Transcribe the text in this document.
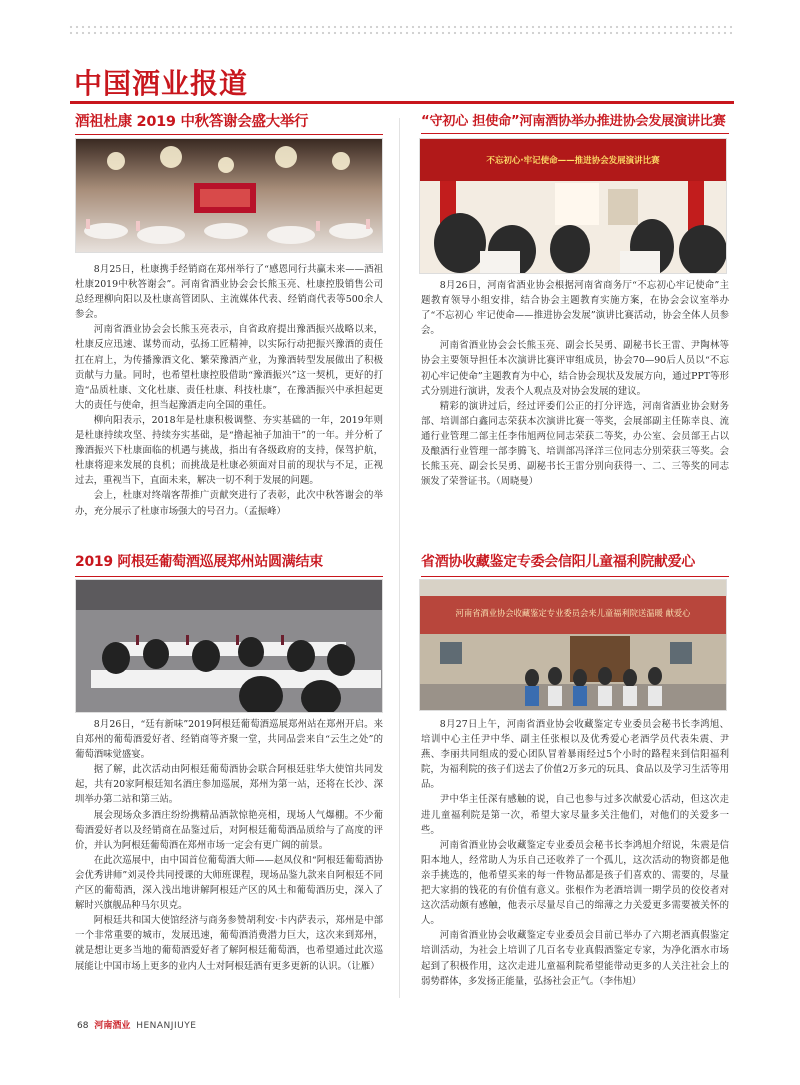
中国酒业报道
酒祖杜康 2019 中秋答谢会盛大举行

8月25日，杜康携手经销商在郑州举行了“感恩同行共赢未来——酒祖杜康2019中秋答谢会”。河南省酒业协会会长熊玉亮、杜康控股销售公司总经理柳向阳以及杜康高管团队、主流媒体代表、经销商代表等500余人参会。

河南省酒业协会会长熊玉亮表示，自省政府提出豫酒振兴战略以来，杜康反应迅速、谋势而动，弘扬工匠精神，以实际行动把振兴豫酒的责任扛在肩上，为传播豫酒文化、繁荣豫酒产业，为豫酒转型发展做出了积极贡献与力量。同时，也希望杜康控股借助“豫酒振兴”这一契机，更好的打造“品质杜康、文化杜康、责任杜康、科技杜康”，在豫酒振兴中承担起更大的责任与使命，担当起豫酒走向全国的重任。

柳向阳表示，2018年是杜康积极调整、夯实基础的一年，2019年则是杜康持续攻坚、持续夯实基础，是“撸起袖子加油干”的一年。并分析了豫酒振兴下杜康面临的机遇与挑战，指出有各级政府的支持，保驾护航，杜康将迎来发展的良机；而挑战是杜康必须面对目前的现状与不足，正视过去，重视当下，直面未来，解决一切不利于发展的问题。

会上，杜康对终端客帮推广贡献突进行了表彰，此次中秋答谢会的举办，充分展示了杜康市场强大的号召力。（孟振峰）

“守初心 担使命”河南酒协举办推进协会发展演讲比赛
不忘初心·牢记使命——推进协会发展演讲比赛

8月26日，河南省酒业协会根据河南省商务厅“不忘初心牢记使命”主题教育领导小组安排，结合协会主题教育实施方案，在协会会议室举办了“不忘初心 牢记使命——推进协会发展”演讲比赛活动，协会全体人员参会。

河南省酒业协会会长熊玉亮、副会长吴勇、副秘书长王雷、尹陶林等协会主要领导担任本次演讲比赛评审组成员，协会70—90后人员以“不忘初心牢记使命”主题教育为中心，结合协会现状及发展方向，通过PPT等形式分别进行演讲，发表个人观点及对协会发展的建议。

精彩的演讲过后，经过评委们公正的打分评选，河南省酒业协会财务部、培训部白鑫同志荣获本次演讲比赛一等奖，会展部副主任陈幸良、流通行业管理二部主任李伟旭两位同志荣获二等奖，办公室、会员部王占以及酿酒行业管理一部李腾飞、培训部冯泽洋三位同志分别荣获三等奖。会长熊玉亮、副会长吴勇、副秘书长王雷分别向获得一、二、三等奖的同志颁发了荣誉证书。（周晓曼）

2019 阿根廷葡萄酒巡展郑州站圆满结束

8月26日，“廷有新味”2019阿根廷葡萄酒巡展郑州站在郑州开启。来自郑州的葡萄酒爱好者、经销商等齐聚一堂，共同品尝来自“云生之处”的葡萄酒味觉盛宴。

据了解，此次活动由阿根廷葡萄酒协会联合阿根廷驻华大使馆共同发起，共有20家阿根廷知名酒庄参加巡展，郑州为第一站，还将在长沙、深圳举办第二站和第三站。

展会现场众多酒庄纷纷携精品酒款惊艳亮相，现场人气爆棚。不少葡萄酒爱好者以及经销商在品鉴过后，对阿根廷葡萄酒品质给与了高度的评价，并认为阿根廷葡萄酒在郑州市场一定会有更广阔的前景。

在此次巡展中，由中国首位葡萄酒大师——赵凤仪和“阿根廷葡萄酒协会优秀讲师”刘灵伶共同授课的大师班课程，现场品鉴九款来自阿根廷不同产区的葡萄酒，深入浅出地讲解阿根廷产区的风土和葡萄酒历史，深入了解时兴旗舰品种马尔贝克。

阿根廷共和国大使馆经济与商务参赞胡利安·卡内萨表示，郑州是中部一个非常重要的城市，发展迅速，葡萄酒消费潜力巨大，这次来到郑州，就是想让更多当地的葡萄酒爱好者了解阿根廷葡萄酒，也希望通过此次巡展能让中国市场上更多的业内人士对阿根廷酒有更多更新的认识。（让雁）

省酒协收藏鉴定专委会信阳儿童福利院献爱心
河南省酒业协会收藏鉴定专业委员会来儿童福利院送温暖 献爱心

8月27日上午，河南省酒业协会收藏鉴定专业委员会秘书长李鸿旭、培训中心主任尹中华、副主任张根以及优秀爱心老酒学员代表朱震、尹燕、李丽共同组成的爱心团队冒着暴雨经过5个小时的路程来到信阳福利院，为福利院的孩子们送去了价值2万多元的玩具、食品以及学习生活等用品。

尹中华主任深有感触的说，自己也参与过多次献爱心活动，但这次走进儿童福利院是第一次，希望大家尽量多关注他们，对他们的关爱多一些。

河南省酒业协会收藏鉴定专业委员会秘书长李鸿旭介绍说，朱震是信阳本地人，经常助人为乐自己还收养了一个孤儿，这次活动的物资都是他亲手挑选的，他希望买来的每一件物品都是孩子们喜欢的、需要的，尽量把大家捐的钱花的有价值有意义。张根作为老酒培训一期学员的佼佼者对这次活动颇有感触，他表示尽量尽自己的绵薄之力关爱更多需要被关怀的人。

河南省酒业协会收藏鉴定专业委员会目前已举办了六期老酒真假鉴定培训活动，为社会上培训了几百名专业真假酒鉴定专家，为净化酒水市场起到了积极作用，这次走进儿童福利院希望能带动更多的人关注社会上的弱势群体，多发扬正能量，弘扬社会正气。（李伟旭）

68 河南酒业 HENANJIUYE
